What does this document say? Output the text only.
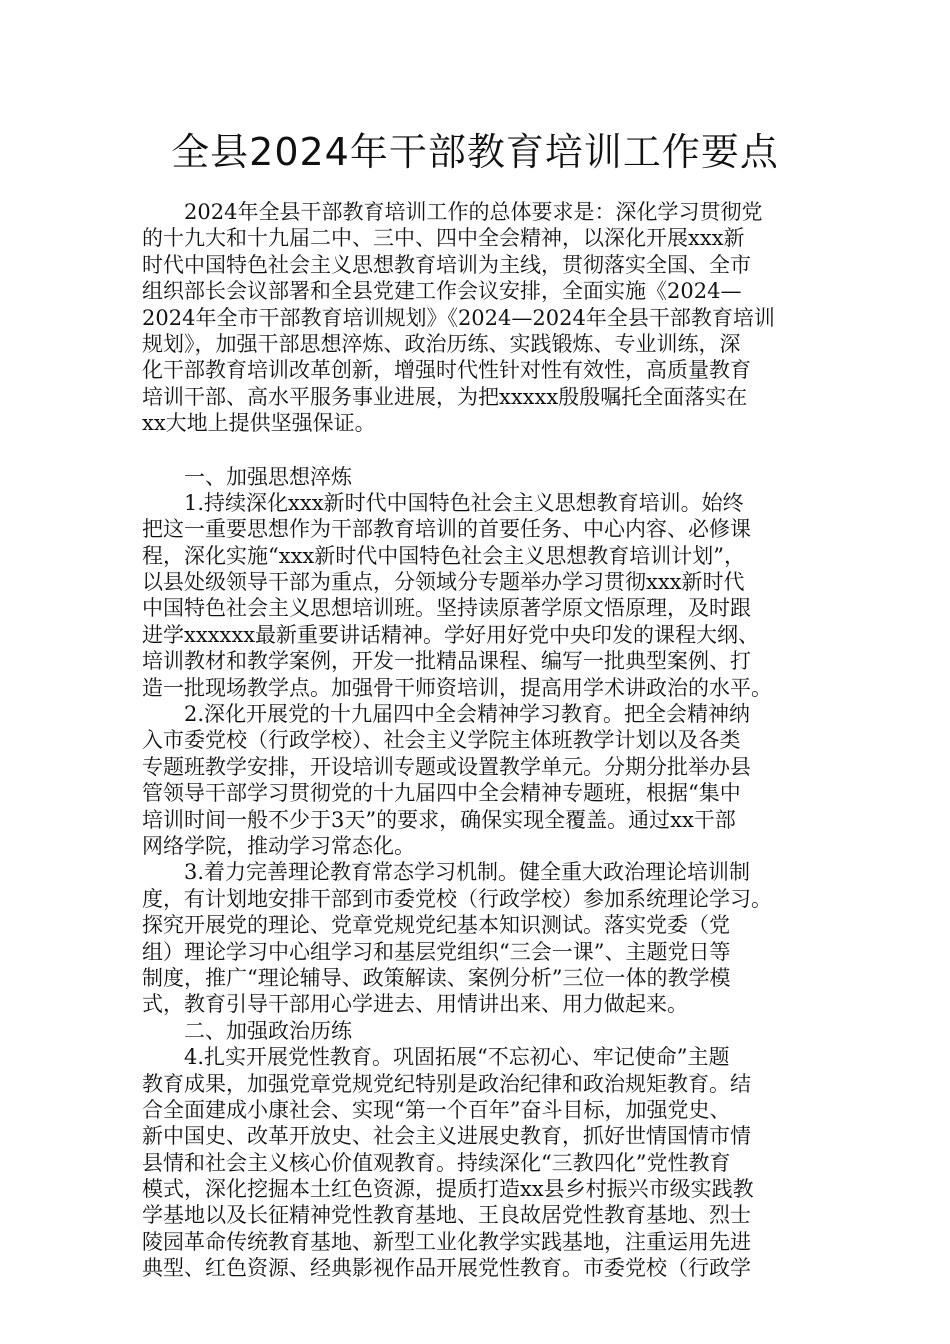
全县2024年干部教育培训工作要点
　　2024年全县干部教育培训工作的总体要求是：深化学习贯彻党
的十九大和十九届二中、三中、四中全会精神，以深化开展xxx新
时代中国特色社会主义思想教育培训为主线，贯彻落实全国、全市
组织部长会议部署和全县党建工作会议安排，全面实施《2024—
2024年全市干部教育培训规划》《2024—2024年全县干部教育培训
规划》，加强干部思想淬炼、政治历练、实践锻炼、专业训练，深
化干部教育培训改革创新，增强时代性针对性有效性，高质量教育
培训干部、高水平服务事业进展，为把xxxxx殷殷嘱托全面落实在
xx大地上提供坚强保证。
　　一、加强思想淬炼
　　1.持续深化xxx新时代中国特色社会主义思想教育培训。始终
把这一重要思想作为干部教育培训的首要任务、中心内容、必修课
程，深化实施“xxx新时代中国特色社会主义思想教育培训计划”，
以县处级领导干部为重点，分领域分专题举办学习贯彻xxx新时代
中国特色社会主义思想培训班。坚持读原著学原文悟原理，及时跟
进学xxxxxx最新重要讲话精神。学好用好党中央印发的课程大纲、
培训教材和教学案例，开发一批精品课程、编写一批典型案例、打
造一批现场教学点。加强骨干师资培训，提高用学术讲政治的水平。
　　2.深化开展党的十九届四中全会精神学习教育。把全会精神纳
入市委党校（行政学校）、社会主义学院主体班教学计划以及各类
专题班教学安排，开设培训专题或设置教学单元。分期分批举办县
管领导干部学习贯彻党的十九届四中全会精神专题班，根据“集中
培训时间一般不少于3天”的要求，确保实现全覆盖。通过xx干部
网络学院，推动学习常态化。
　　3.着力完善理论教育常态学习机制。健全重大政治理论培训制
度，有计划地安排干部到市委党校（行政学校）参加系统理论学习。
探究开展党的理论、党章党规党纪基本知识测试。落实党委（党
组）理论学习中心组学习和基层党组织“三会一课”、主题党日等
制度，推广“理论辅导、政策解读、案例分析”三位一体的教学模
式，教育引导干部用心学进去、用情讲出来、用力做起来。
　　二、加强政治历练
　　4.扎实开展党性教育。巩固拓展“不忘初心、牢记使命”主题
教育成果，加强党章党规党纪特别是政治纪律和政治规矩教育。结
合全面建成小康社会、实现“第一个百年”奋斗目标，加强党史、
新中国史、改革开放史、社会主义进展史教育，抓好世情国情市情
县情和社会主义核心价值观教育。持续深化“三教四化”党性教育
模式，深化挖掘本土红色资源，提质打造xx县乡村振兴市级实践教
学基地以及长征精神党性教育基地、王良故居党性教育基地、烈士
陵园革命传统教育基地、新型工业化教学实践基地，注重运用先进
典型、红色资源、经典影视作品开展党性教育。市委党校（行政学
